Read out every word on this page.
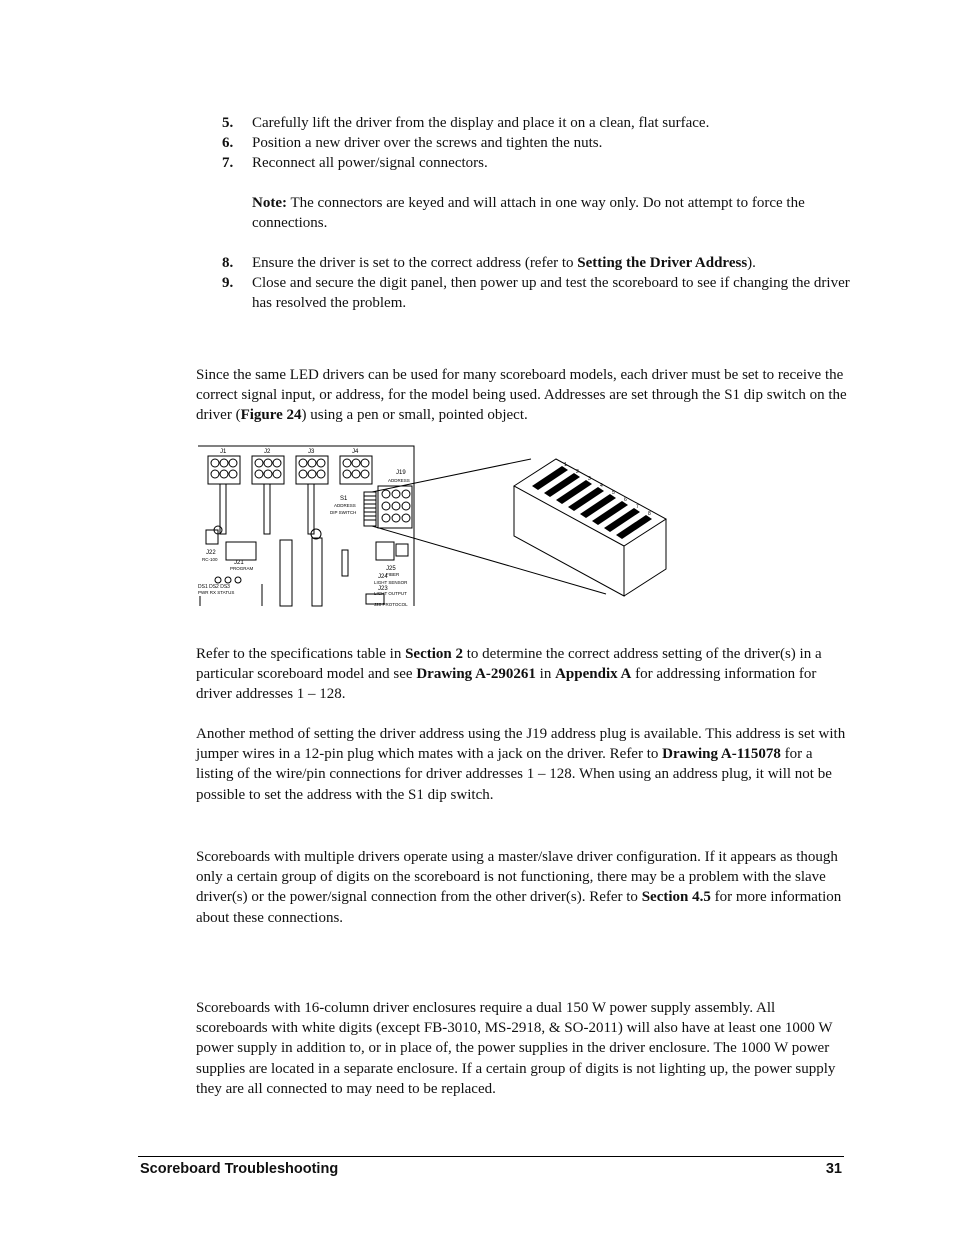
5.	Carefully lift the driver from the display and place it on a clean, flat surface.
6.	Position a new driver over the screws and tighten the nuts.
7.	Reconnect all power/signal connectors.
Note: The connectors are keyed and will attach in one way only. Do not attempt to force the connections.
8.	Ensure the driver is set to the correct address (refer to Setting the Driver Address).
9.	Close and secure the digit panel, then power up and test the scoreboard to see if changing the driver has resolved the problem.
Since the same LED drivers can be used for many scoreboard models, each driver must be set to receive the correct signal input, or address, for the model being used. Addresses are set through the S1 dip switch on the driver (Figure 24) using a pen or small, pointed object.
J1	J2	J3	J4
J19
ADDRESS
S1
ADDRESS
DIP SWITCH
J22
RC-100
J21
PROGRAM
DS1 DS2 DS3
PWR RX STATUS
J25
FIBER
J24
LIGHT SENSOR
J23
LIGHT OUTPUT
J20 PROTOCOL
1
2
3
4
5
6
7
8
Refer to the specifications table in Section 2 to determine the correct address setting of the driver(s) in a particular scoreboard model and see Drawing A-290261 in Appendix A for addressing information for driver addresses 1 – 128.
Another method of setting the driver address using the J19 address plug is available. This address is set with jumper wires in a 12-pin plug which mates with a jack on the driver. Refer to Drawing A-115078 for a listing of the wire/pin connections for driver addresses 1 – 128. When using an address plug, it will not be possible to set the address with the S1 dip switch.
Scoreboards with multiple drivers operate using a master/slave driver configuration. If it appears as though only a certain group of digits on the scoreboard is not functioning, there may be a problem with the slave driver(s) or the power/signal connection from the other driver(s). Refer to Section 4.5 for more information about these connections.
Scoreboards with 16-column driver enclosures require a dual 150 W power supply assembly. All scoreboards with white digits (except FB-3010, MS-2918, & SO-2011) will also have at least one 1000 W power supply in addition to, or in place of, the power supplies in the driver enclosure. The 1000 W power supplies are located in a separate enclosure. If a certain group of digits is not lighting up, the power supply they are all connected to may need to be replaced.
Scoreboard Troubleshooting	31
